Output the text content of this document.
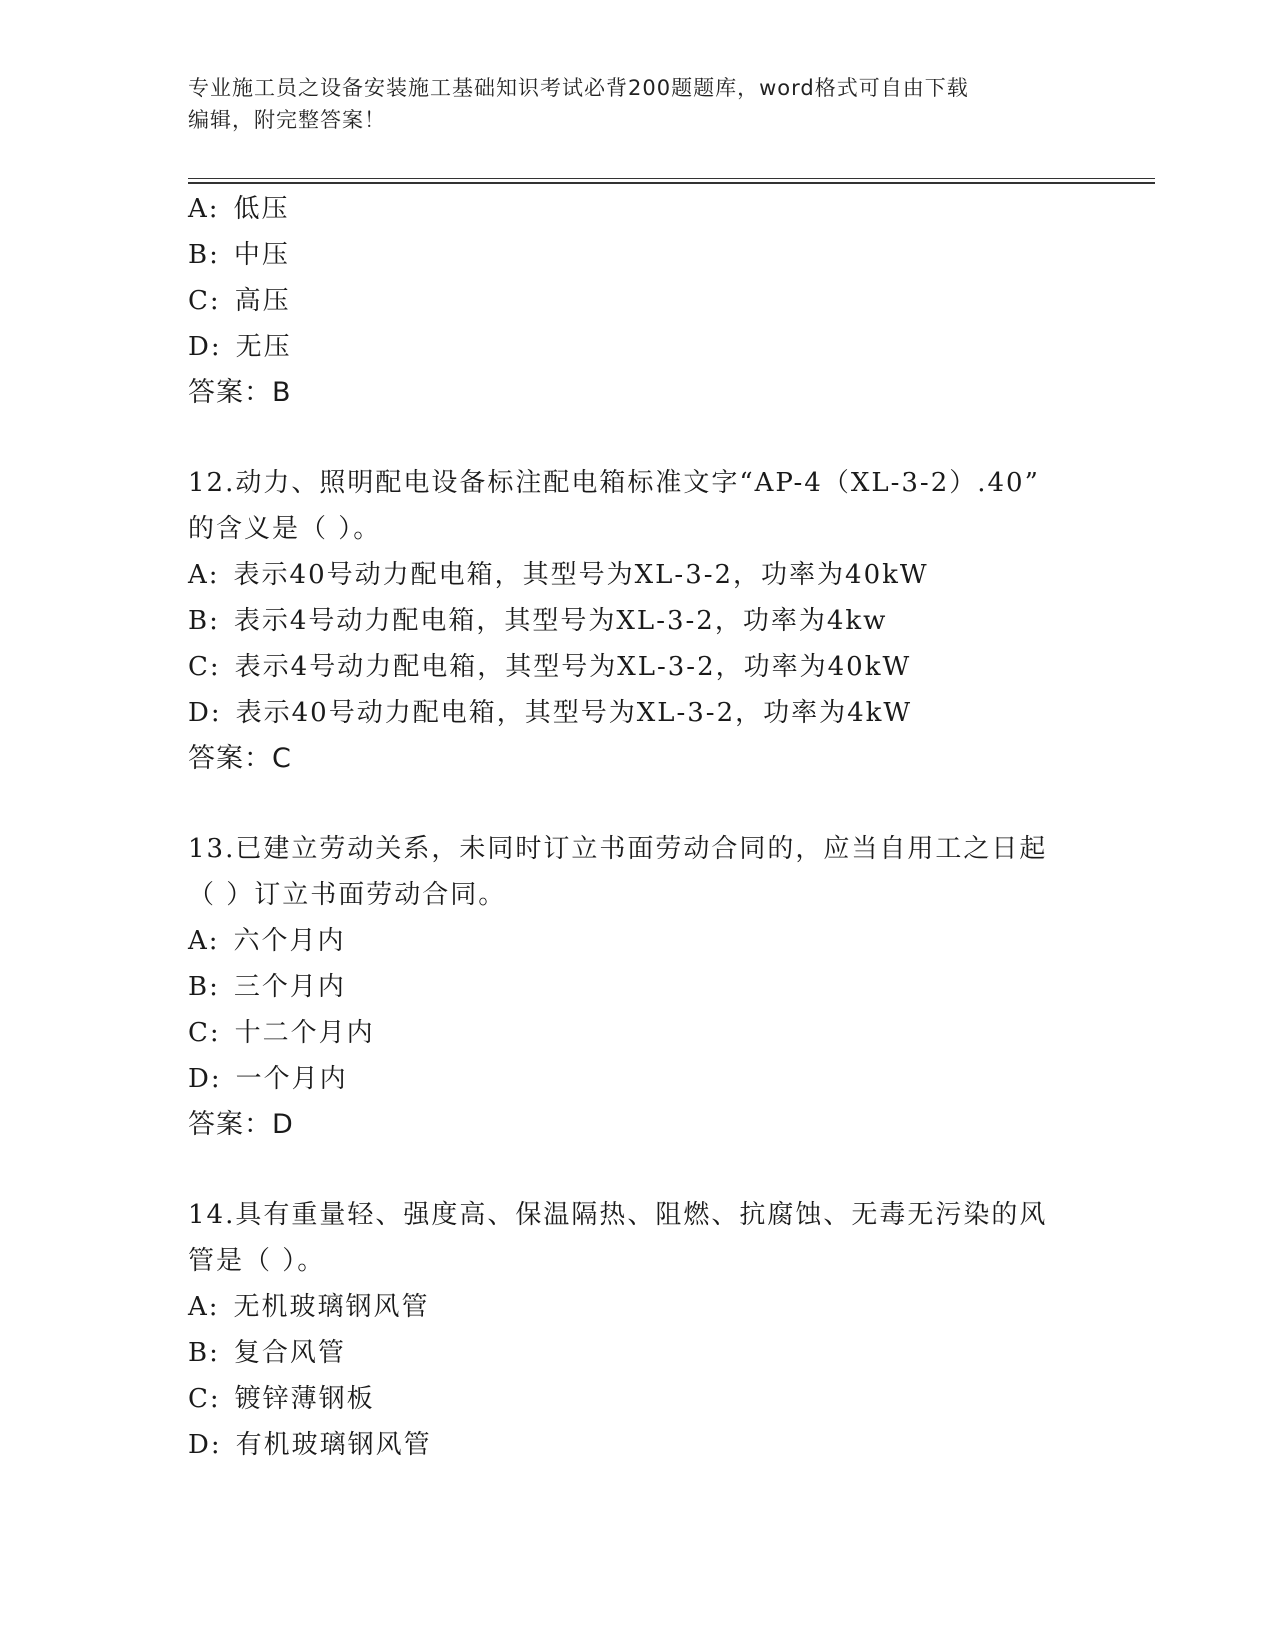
专业施工员之设备安装施工基础知识考试必背200题题库，word格式可自由下载
编辑，附完整答案！
A: 低压
B: 中压
C: 高压
D: 无压
答案：B
12.动力、照明配电设备标注配电箱标准文字“AP-4（XL-3-2）.40”
的含义是（ ）。
A: 表示40号动力配电箱，其型号为XL-3-2，功率为40kW
B: 表示4号动力配电箱，其型号为XL-3-2，功率为4kw
C: 表示4号动力配电箱，其型号为XL-3-2，功率为40kW
D: 表示40号动力配电箱，其型号为XL-3-2，功率为4kW
答案：C
13.已建立劳动关系，未同时订立书面劳动合同的，应当自用工之日起
（ ）订立书面劳动合同。
A: 六个月内
B: 三个月内
C: 十二个月内
D: 一个月内
答案：D
14.具有重量轻、强度高、保温隔热、阻燃、抗腐蚀、无毒无污染的风
管是（ ）。
A: 无机玻璃钢风管
B: 复合风管
C: 镀锌薄钢板
D: 有机玻璃钢风管
